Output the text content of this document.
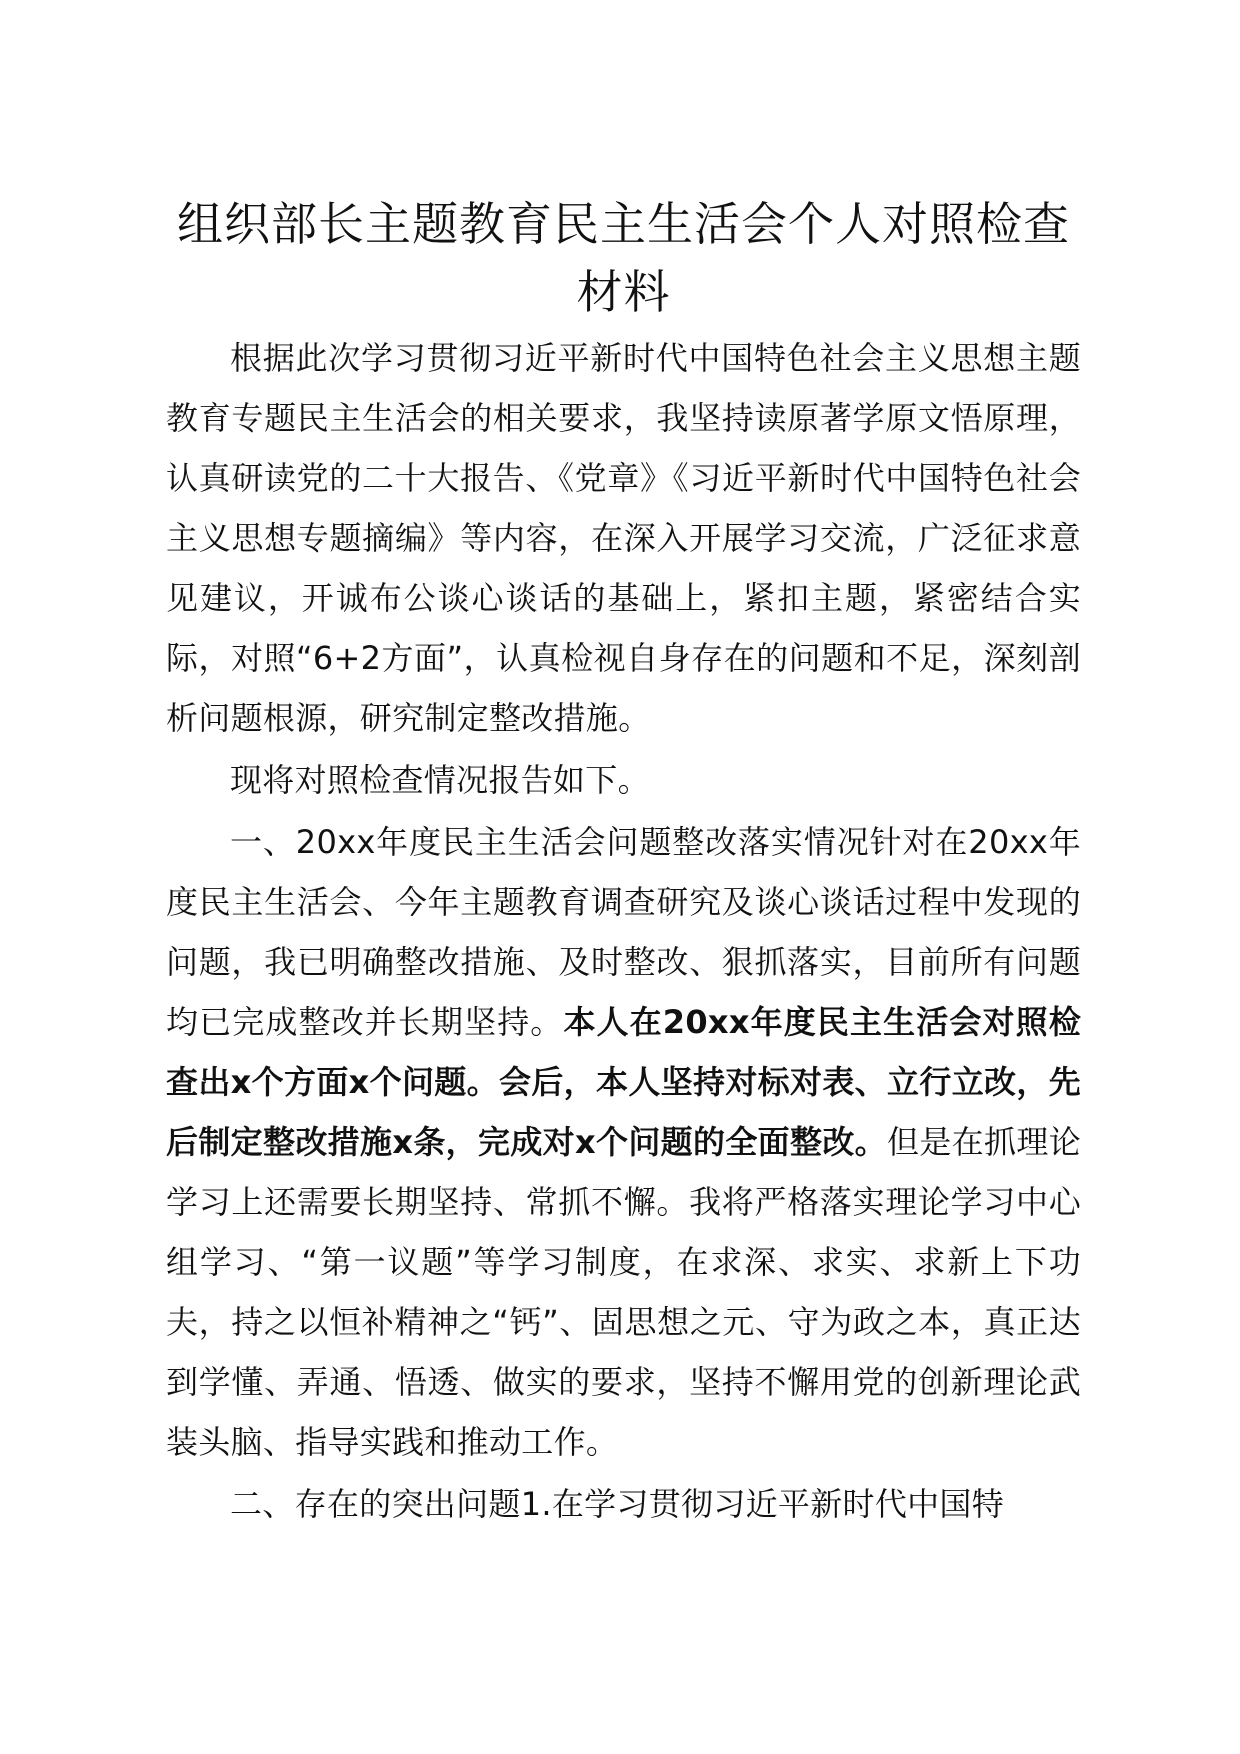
组织部长主题教育民主生活会个人对照检查材料

根据此次学习贯彻习近平新时代中国特色社会主义思想主题教育专题民主生活会的相关要求，我坚持读原著学原文悟原理，认真研读党的二十大报告、《党章》《习近平新时代中国特色社会主义思想专题摘编》等内容，在深入开展学习交流，广泛征求意见建议，开诚布公谈心谈话的基础上，紧扣主题，紧密结合实际，对照“6+2方面”，认真检视自身存在的问题和不足，深刻剖析问题根源，研究制定整改措施。

现将对照检查情况报告如下。

一、20xx年度民主生活会问题整改落实情况针对在20xx年度民主生活会、今年主题教育调查研究及谈心谈话过程中发现的问题，我已明确整改措施、及时整改、狠抓落实，目前所有问题均已完成整改并长期坚持。本人在20xx年度民主生活会对照检查出x个方面x个问题。会后，本人坚持对标对表、立行立改，先后制定整改措施x条，完成对x个问题的全面整改。但是在抓理论学习上还需要长期坚持、常抓不懈。我将严格落实理论学习中心组学习、“第一议题”等学习制度，在求深、求实、求新上下功夫，持之以恒补精神之“钙”、固思想之元、守为政之本，真正达到学懂、弄通、悟透、做实的要求，坚持不懈用党的创新理论武装头脑、指导实践和推动工作。

二、存在的突出问题1.在学习贯彻习近平新时代中国特
